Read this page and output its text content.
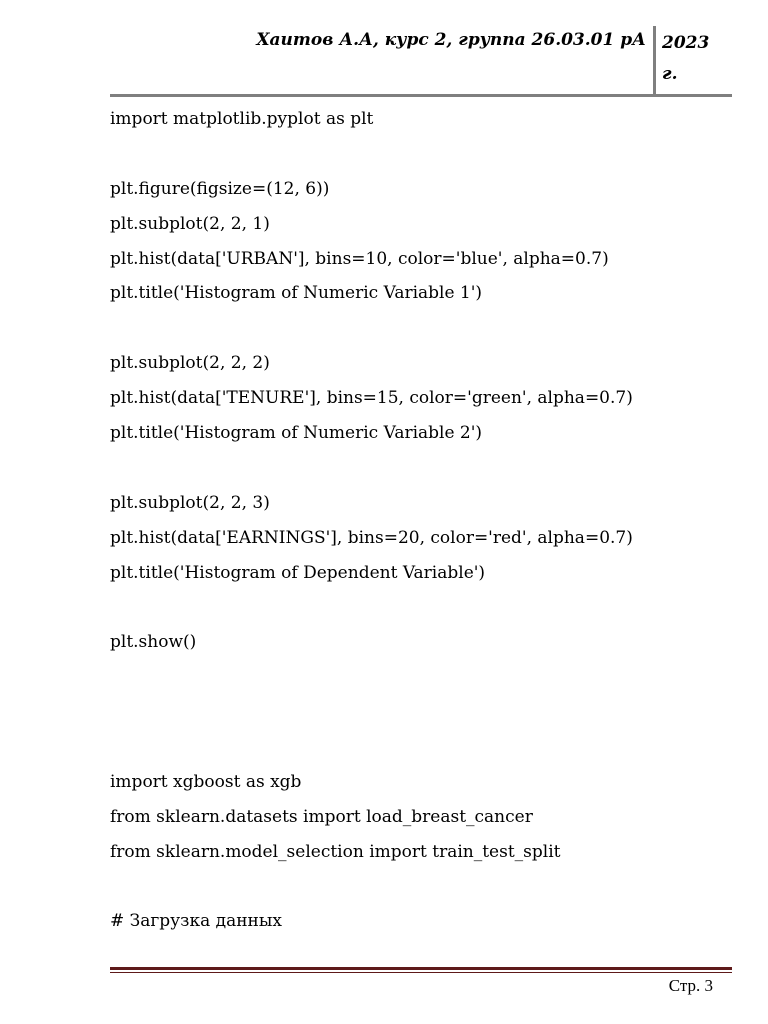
Хаитов А.А, курс 2, группа 26.03.01 рА 2023 г.
import matplotlib.pyplot as plt
plt.figure(figsize=(12, 6))
plt.subplot(2, 2, 1)
plt.hist(data['URBAN'], bins=10, color='blue', alpha=0.7)
plt.title('Histogram of Numeric Variable 1')
plt.subplot(2, 2, 2)
plt.hist(data['TENURE'], bins=15, color='green', alpha=0.7)
plt.title('Histogram of Numeric Variable 2')
plt.subplot(2, 2, 3)
plt.hist(data['EARNINGS'], bins=20, color='red', alpha=0.7)
plt.title('Histogram of Dependent Variable')
plt.show()
import xgboost as xgb
from sklearn.datasets import load_breast_cancer
from sklearn.model_selection import train_test_split
# Загрузка данных
Стр. 3
